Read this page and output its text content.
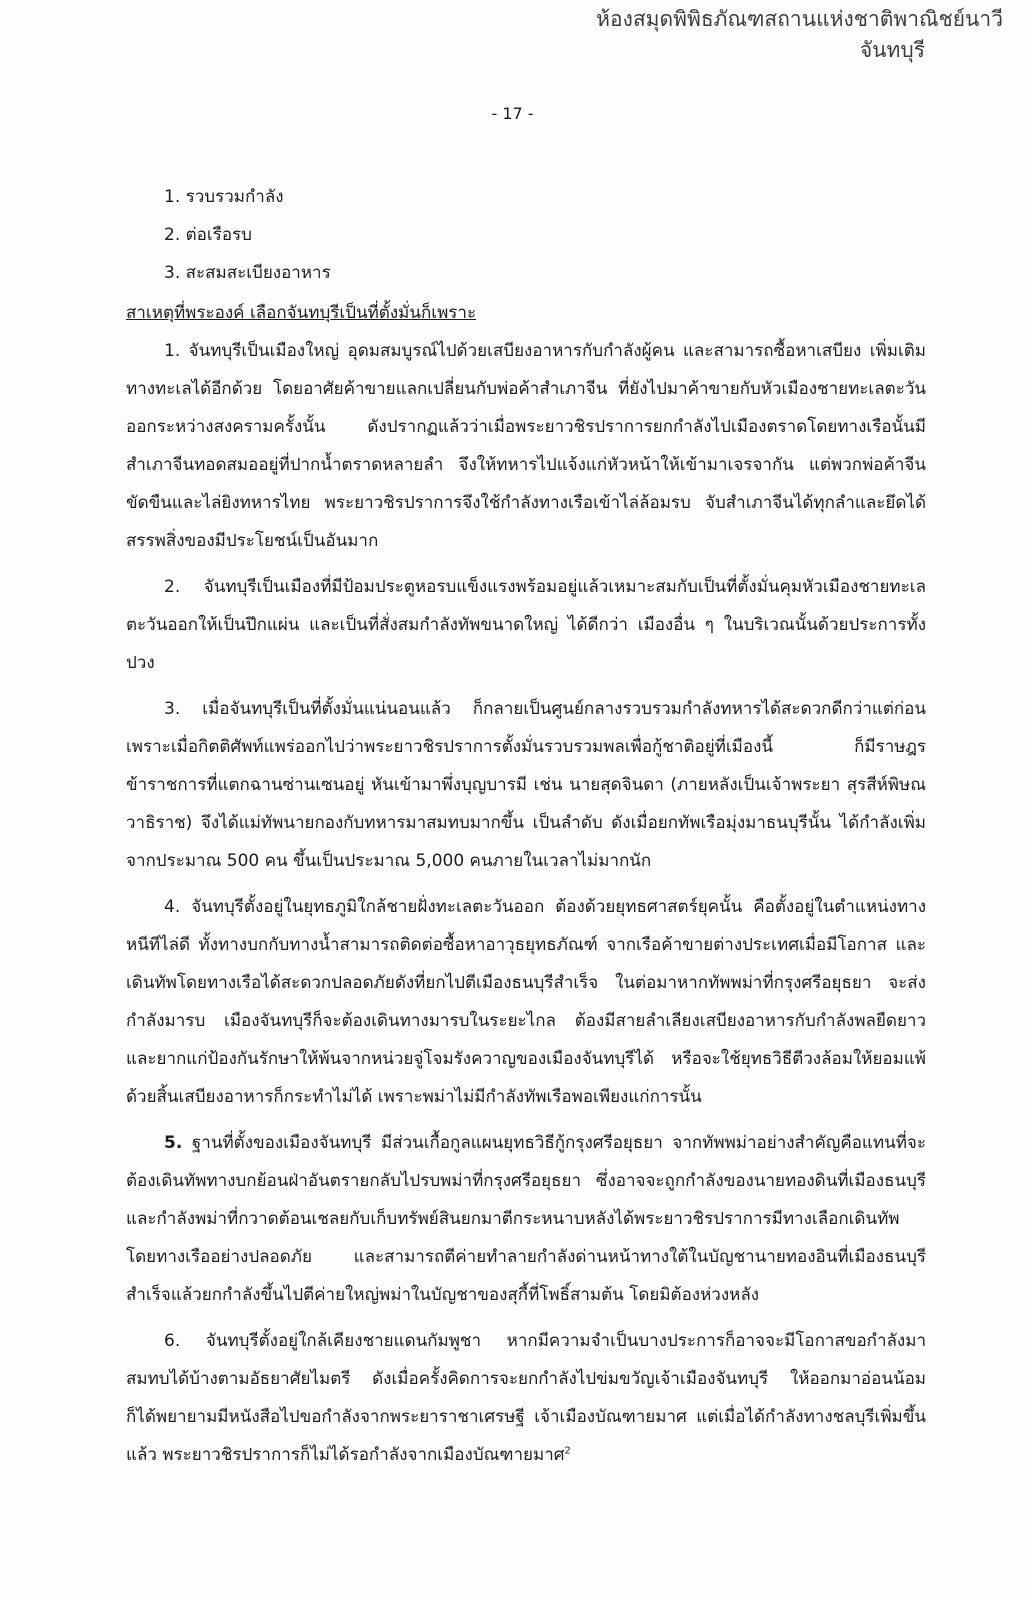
ห้องสมุดพิพิธภัณฑสถานแห่งชาติพาณิชย์นาวี
จันทบุรี
- 17 -
1. รวบรวมกำลัง
2. ต่อเรือรบ
3. สะสมสะเบียงอาหาร
สาเหตุที่พระองค์ เลือกจันทบุรีเป็นที่ตั้งมั่นก็เพราะ

1. จันทบุรีเป็นเมืองใหญ่ อุดมสมบูรณ์ไปด้วยเสบียงอาหารกับกำลังผู้คน และสามารถซื้อหาเสบียง เพิ่มเติมทางทะเลได้อีกด้วย โดยอาศัยค้าขายแลกเปลี่ยนกับพ่อค้าสำเภาจีน ที่ยังไปมาค้าขายกับหัวเมืองชายทะเลตะวันออกระหว่างสงครามครั้งนั้น ดังปรากฏแล้วว่าเมื่อพระยาวชิรปราการยกกำลังไปเมืองตราดโดยทางเรือนั้นมีสำเภาจีนทอดสมออยู่ที่ปากน้ำตราดหลายลำ จึงให้ทหารไปแจ้งแก่หัวหน้าให้เข้ามาเจรจากัน แต่พวกพ่อค้าจีนขัดขืนและไล่ยิงทหารไทย พระยาวชิรปราการจึงใช้กำลังทางเรือเข้าไล่ล้อมรบ จับสำเภาจีนได้ทุกลำและยึดได้สรรพสิ่งของมีประโยชน์เป็นอันมาก

2. จันทบุรีเป็นเมืองที่มีป้อมประตูหอรบแข็งแรงพร้อมอยู่แล้วเหมาะสมกับเป็นที่ตั้งมั่นคุมหัวเมืองชายทะเลตะวันออกให้เป็นปึกแผ่น และเป็นที่สั่งสมกำลังทัพขนาดใหญ่ ได้ดีกว่า เมืองอื่น ๆ ในบริเวณนั้นด้วยประการทั้งปวง

3. เมื่อจันทบุรีเป็นที่ตั้งมั่นแน่นอนแล้ว ก็กลายเป็นศูนย์กลางรวบรวมกำลังทหารได้สะดวกดีกว่าแต่ก่อน เพราะเมื่อกิตติศัพท์แพร่ออกไปว่าพระยาวชิรปราการตั้งมั่นรวบรวมพลเพื่อกู้ชาติอยู่ที่เมืองนี้ ก็มีราษฎรข้าราชการที่แตกฉานซ่านเซนอยู่ หันเข้ามาพึ่งบุญบารมี เช่น นายสุดจินดา (ภายหลังเป็นเจ้าพระยา สุรสีห์พิษณวาธิราช) จึงได้แม่ทัพนายกองกับทหารมาสมทบมากขึ้น เป็นลำดับ ดังเมื่อยกทัพเรือมุ่งมาธนบุรีนั้น ได้กำลังเพิ่มจากประมาณ 500 คน ขึ้นเป็นประมาณ 5,000 คนภายในเวลาไม่มากนัก

4. จันทบุรีตั้งอยู่ในยุทธภูมิใกล้ชายฝั่งทะเลตะวันออก ต้องด้วยยุทธศาสตร์ยุคนั้น คือตั้งอยู่ในตำแหน่งทางหนีทีไล่ดี ทั้งทางบกกับทางน้ำสามารถติดต่อซื้อหาอาวุธยุทธภัณฑ์ จากเรือค้าขายต่างประเทศเมื่อมีโอกาส และเดินทัพโดยทางเรือได้สะดวกปลอดภัยดังที่ยกไปตีเมืองธนบุรีสำเร็จ ในต่อมาหากทัพพม่าที่กรุงศรีอยุธยา จะส่งกำลังมารบ เมืองจันทบุรีก็จะต้องเดินทางมารบในระยะไกล ต้องมีสายลำเลียงเสบียงอาหารกับกำลังพลยืดยาว และยากแก่ป้องกันรักษาให้พ้นจากหน่วยจู่โจมรังควาญของเมืองจันทบุรีได้ หรือจะใช้ยุทธวิธีตีวงล้อมให้ยอมแพ้ด้วยสิ้นเสบียงอาหารก็กระทำไม่ได้ เพราะพม่าไม่มีกำลังทัพเรือพอเพียงแก่การนั้น

5. ฐานที่ตั้งของเมืองจันทบุรี มีส่วนเกื้อกูลแผนยุทธวิธีกู้กรุงศรีอยุธยา จากทัพพม่าอย่างสำคัญคือแทนที่จะต้องเดินทัพทางบกย้อนฝ่าอันตรายกลับไปรบพม่าที่กรุงศรีอยุธยา ซึ่งอาจจะถูกกำลังของนายทองดินที่เมืองธนบุรีและกำลังพม่าที่กวาดต้อนเชลยกับเก็บทรัพย์สินยกมาตีกระหนาบหลังได้พระยาวชิรปราการมีทางเลือกเดินทัพโดยทางเรืออย่างปลอดภัย และสามารถตีค่ายทำลายกำลังด่านหน้าทางใต้ในบัญชานายทองอินที่เมืองธนบุรีสำเร็จแล้วยกกำลังขึ้นไปตีค่ายใหญ่พม่าในบัญชาของสุกี้ที่โพธิ์สามต้น โดยมิต้องห่วงหลัง

6. จันทบุรีตั้งอยู่ใกล้เคียงชายแดนกัมพูชา หากมีความจำเป็นบางประการก็อาจจะมีโอกาสขอกำลังมาสมทบได้บ้างตามอัธยาศัยไมตรี ดังเมื่อครั้งคิดการจะยกกำลังไปข่มขวัญเจ้าเมืองจันทบุรี ให้ออกมาอ่อนน้อม ก็ได้พยายามมีหนังสือไปขอกำลังจากพระยาราชาเศรษฐี เจ้าเมืองบัณฑายมาศ แต่เมื่อได้กำลังทางชลบุรีเพิ่มขึ้นแล้ว พระยาวชิรปราการก็ไม่ได้รอกำลังจากเมืองบัณฑายมาศ$^2$
